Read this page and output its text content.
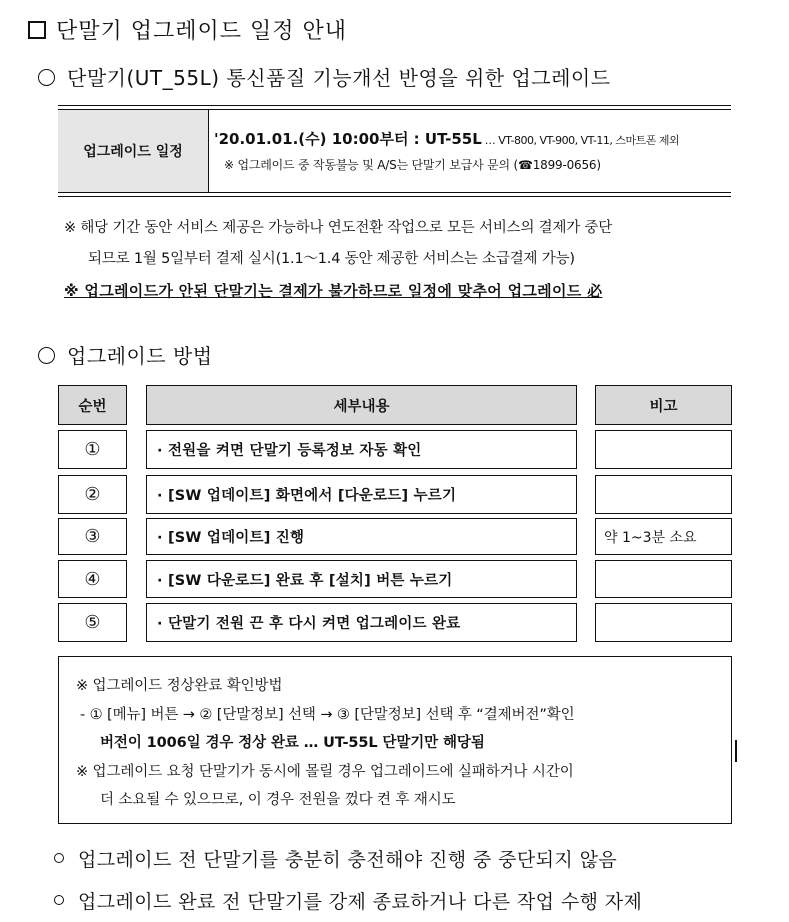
단말기 업그레이드 일정 안내
단말기(UT_55L) 통신품질 기능개선 반영을 위한 업그레이드
업그레이드 일정
'20.01.01.(수) 10:00부터 : UT-55L … VT-800, VT-900, VT-11, 스마트폰 제외
※ 업그레이드 중 작동불능 및 A/S는 단말기 보급사 문의 (☎1899-0656)
※ 해당 기간 동안 서비스 제공은 가능하나 연도전환 작업으로 모든 서비스의 결제가 중단
되므로 1월 5일부터 결제 실시(1.1～1.4 동안 제공한 서비스는 소급결제 가능)
※ 업그레이드가 안된 단말기는 결제가 불가하므로 일정에 맞추어 업그레이드 必
업그레이드 방법
순번	세부내용	비고
①	· 전원을 켜면 단말기 등록정보 자동 확인
②	· [SW 업데이트] 화면에서 [다운로드] 누르기
③	· [SW 업데이트] 진행	약 1~3분 소요
④	· [SW 다운로드] 완료 후 [설치] 버튼 누르기
⑤	· 단말기 전원 끈 후 다시 켜면 업그레이드 완료
※ 업그레이드 정상완료 확인방법
- ① [메뉴] 버튼 → ② [단말정보] 선택 → ③ [단말정보] 선택 후 “결제버전”확인
버전이 1006일 경우 정상 완료 … UT-55L 단말기만 해당됨
※ 업그레이드 요청 단말기가 동시에 몰릴 경우 업그레이드에 실패하거나 시간이
더 소요될 수 있으므로, 이 경우 전원을 껐다 켠 후 재시도
업그레이드 전 단말기를 충분히 충전해야 진행 중 중단되지 않음
업그레이드 완료 전 단말기를 강제 종료하거나 다른 작업 수행 자제
